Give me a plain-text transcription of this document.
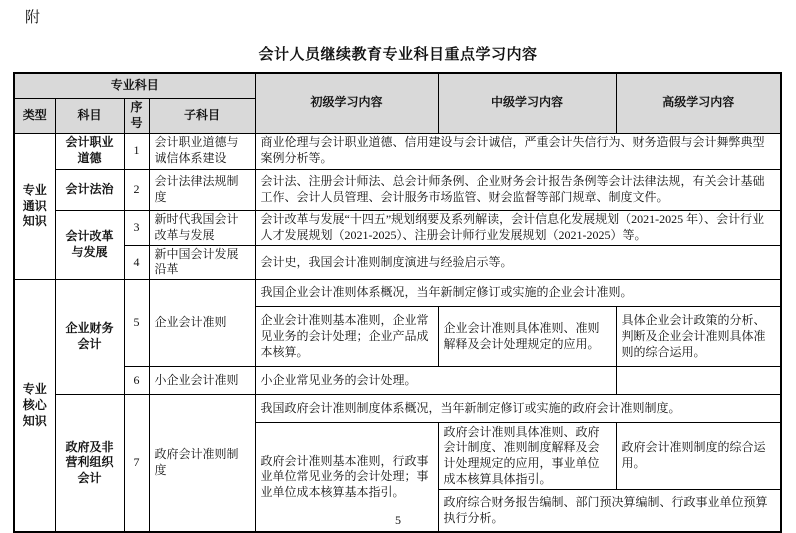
附
会计人员继续教育专业科目重点学习内容
专业科目				初级学习内容	中级学习内容	高级学习内容
类型	科目	序号	子科目			
专业通识知识	会计职业道德	1	会计职业道德与诚信体系建设	商业伦理与会计职业道德、信用建设与会计诚信，严重会计失信行为、财务造假与会计舞弊典型案例分析等。		
	会计法治	2	会计法律法规制度	会计法、注册会计师法、总会计师条例、企业财务会计报告条例等会计法律法规，有关会计基础工作、会计人员管理、会计服务市场监管、财会监督等部门规章、制度文件。		
	会计改革与发展	3	新时代我国会计改革与发展	会计改革与发展“十四五”规划纲要及系列解读，会计信息化发展规划（2021-2025 年）、会计行业人才发展规划（2021-2025）、注册会计师行业发展规划（2021-2025）等。		
		4	新中国会计发展沿革	会计史，我国会计准则制度演进与经验启示等。		
专业核心知识	企业财务会计	5	企业会计准则	我国企业会计准则体系概况，当年新制定修订或实施的企业会计准则。		
				企业会计准则基本准则，企业常见业务的会计处理；企业产品成本核算。	企业会计准则具体准则、准则解释及会计处理规定的应用。	具体企业会计政策的分析、判断及企业会计准则具体准则的综合运用。
		6	小企业会计准则	小企业常见业务的会计处理。		
	政府及非营利组织会计	7	政府会计准则制度	我国政府会计准则制度体系概况，当年新制定修订或实施的政府会计准则制度。		
				政府会计准则基本准则，行政事业单位常见业务的会计处理；事业单位成本核算基本指引。	政府会计准则具体准则、政府会计制度、准则制度解释及会计处理规定的应用，事业单位成本核算具体指引。	政府会计准则制度的综合运用。
					政府综合财务报告编制、部门预决算编制、行政事业单位预算执行分析。	
5
